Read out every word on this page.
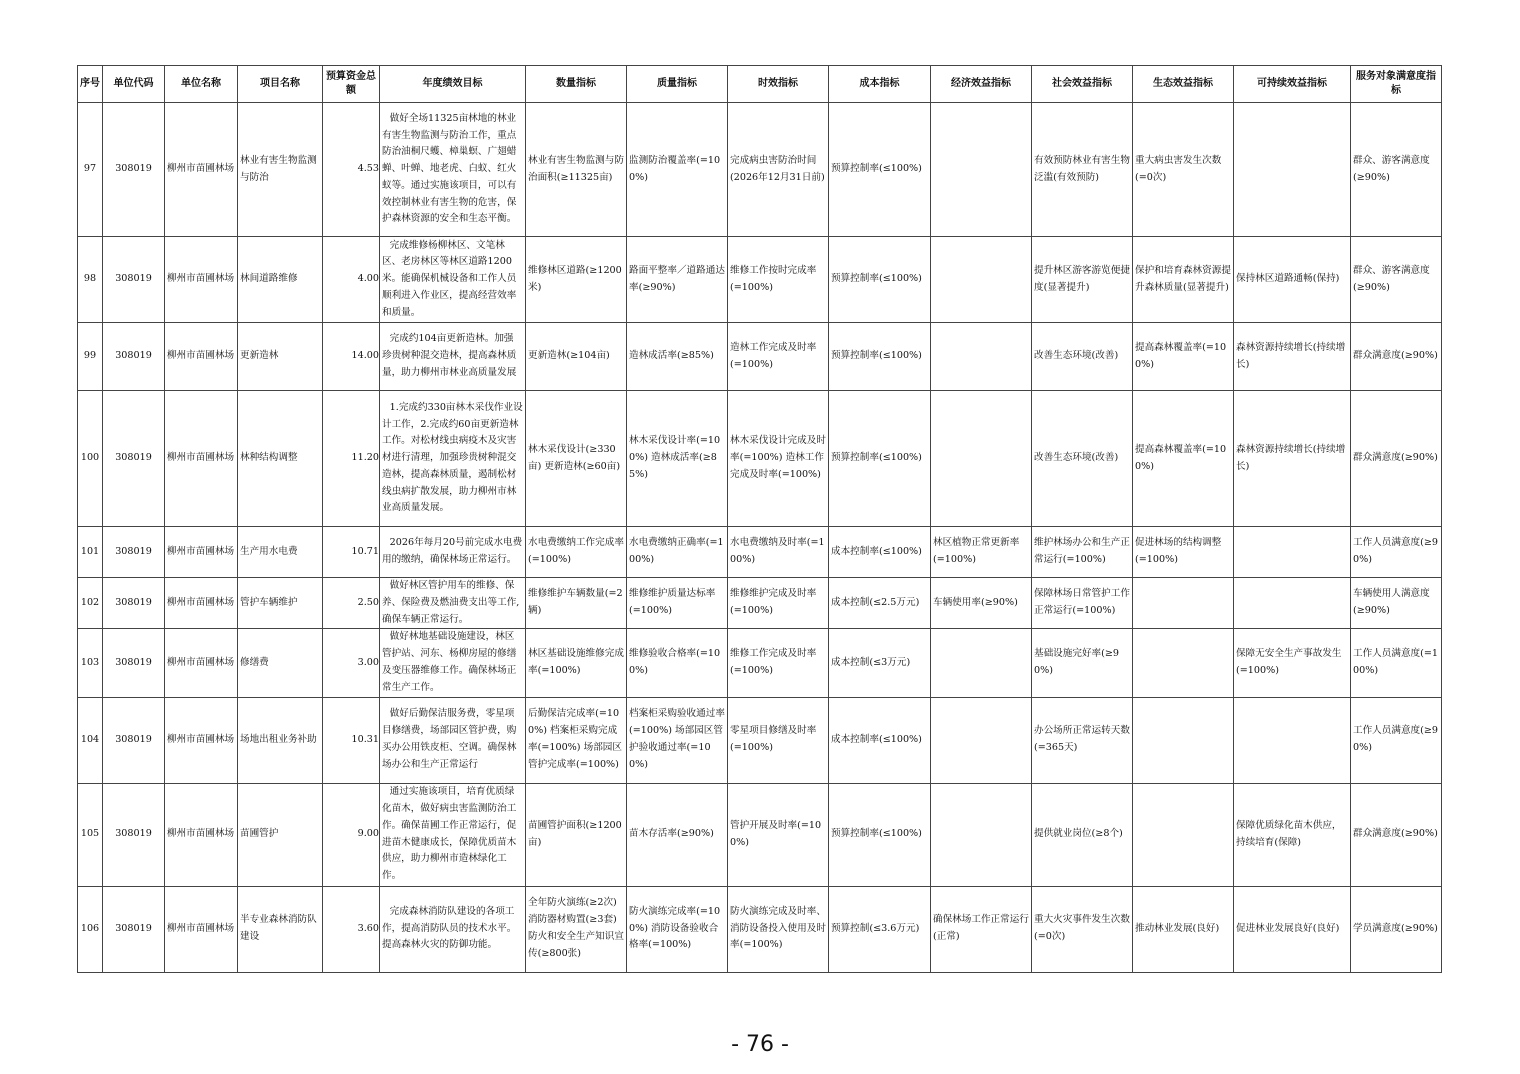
序号	单位代码	单位名称	项目名称	预算资金总额	年度绩效目标	数量指标	质量指标	时效指标	成本指标	经济效益指标	社会效益指标	生态效益指标	可持续效益指标	服务对象满意度指标
97	308019	柳州市苗圃林场	林业有害生物监测与防治	4.53	做好全场11325亩林地的林业有害生物监测与防治工作，重点防治油桐尺蠖、樟巢螟、广翅蜡蝉、叶蝉、地老虎、白蚁、红火蚁等。通过实施该项目，可以有效控制林业有害生物的危害，保护森林资源的安全和生态平衡。	林业有害生物监测与防治面积(≥11325亩)	监测防治覆盖率(=100%)	完成病虫害防治时间(2026年12月31日前)	预算控制率(≤100%)		有效预防林业有害生物泛滥(有效预防)	重大病虫害发生次数(=0次)		群众、游客满意度(≥90%)
98	308019	柳州市苗圃林场	林间道路维修	4.00	完成维修杨柳林区、文笔林区、老房林区等林区道路1200米。能确保机械设备和工作人员顺利进入作业区，提高经营效率和质量。	维修林区道路(≥1200米)	路面平整率／道路通达率(≥90%)	维修工作按时完成率(=100%)	预算控制率(≤100%)		提升林区游客游览便捷度(显著提升)	保护和培育森林资源提升森林质量(显著提升)	保持林区道路通畅(保持)	群众、游客满意度(≥90%)
99	308019	柳州市苗圃林场	更新造林	14.00	完成约104亩更新造林。加强珍贵树种混交造林，提高森林质量，助力柳州市林业高质量发展	更新造林(≥104亩)	造林成活率(≥85%)	造林工作完成及时率(=100%)	预算控制率(≤100%)		改善生态环境(改善)	提高森林覆盖率(=100%)	森林资源持续增长(持续增长)	群众满意度(≥90%)
100	308019	柳州市苗圃林场	林种结构调整	11.20	1.完成约330亩林木采伐作业设计工作，2.完成约60亩更新造林工作。对松材线虫病疫木及灾害材进行清理，加强珍贵树种混交造林，提高森林质量，遏制松材线虫病扩散发展，助力柳州市林业高质量发展。	林木采伐设计(≥330亩) 更新造林(≥60亩)	林木采伐设计率(=100%) 造林成活率(≥85%)	林木采伐设计完成及时率(=100%) 造林工作完成及时率(=100%)	预算控制率(≤100%)		改善生态环境(改善)	提高森林覆盖率(=100%)	森林资源持续增长(持续增长)	群众满意度(≥90%)
101	308019	柳州市苗圃林场	生产用水电费	10.71	2026年每月20号前完成水电费用的缴纳，确保林场正常运行。	水电费缴纳工作完成率(=100%)	水电费缴纳正确率(=100%)	水电费缴纳及时率(=100%)	成本控制率(≤100%)	林区植物正常更新率(=100%)	维护林场办公和生产正常运行(=100%)	促进林场的结构调整(=100%)		工作人员满意度(≥90%)
102	308019	柳州市苗圃林场	管护车辆维护	2.50	做好林区管护用车的维修、保养、保险费及燃油费支出等工作,确保车辆正常运行。	维修维护车辆数量(=2辆)	维修维护质量达标率(=100%)	维修维护完成及时率(=100%)	成本控制(≤2.5万元)	车辆使用率(≥90%)	保障林场日常管护工作正常运行(=100%)			车辆使用人满意度(≥90%)
103	308019	柳州市苗圃林场	修缮费	3.00	做好林地基础设施建设，林区管护站、河东、杨柳房屋的修缮及变压器维修工作。确保林场正常生产工作。	林区基础设施维修完成率(=100%)	维修验收合格率(=100%)	维修工作完成及时率(=100%)	成本控制(≤3万元)		基础设施完好率(≥90%)		保障无安全生产事故发生(=100%)	工作人员满意度(=100%)
104	308019	柳州市苗圃林场	场地出租业务补助	10.31	做好后勤保洁服务费，零星项目修缮费，场部园区管护费，购买办公用铁皮柜、空调。确保林场办公和生产正常运行	后勤保洁完成率(=100%) 档案柜采购完成率(=100%) 场部园区管护完成率(=100%)	档案柜采购验收通过率(=100%) 场部园区管护验收通过率(=100%)	零星项目修缮及时率(=100%)	成本控制率(≤100%)		办公场所正常运转天数(=365天)			工作人员满意度(≥90%)
105	308019	柳州市苗圃林场	苗圃管护	9.00	通过实施该项目，培育优质绿化苗木，做好病虫害监测防治工作。确保苗圃工作正常运行，促进苗木健康成长，保障优质苗木供应，助力柳州市造林绿化工作。	苗圃管护面积(≥1200亩)	苗木存活率(≥90%)	管护开展及时率(=100%)	预算控制率(≤100%)		提供就业岗位(≥8个)		保障优质绿化苗木供应，持续培育(保障)	群众满意度(≥90%)
106	308019	柳州市苗圃林场	半专业森林消防队建设	3.60	完成森林消防队建设的各项工作，提高消防队员的技术水平。提高森林火灾的防御功能。	全年防火演练(≥2次) 消防器材购置(≥3套) 防火和安全生产知识宣传(≥800张)	防火演练完成率(=100%) 消防设备验收合格率(=100%)	防火演练完成及时率、消防设备投入使用及时率(=100%)	预算控制(≤3.6万元)	确保林场工作正常运行(正常)	重大火灾事件发生次数(=0次)	推动林业发展(良好)	促进林业发展良好(良好)	学员满意度(≥90%)
- 76 -
